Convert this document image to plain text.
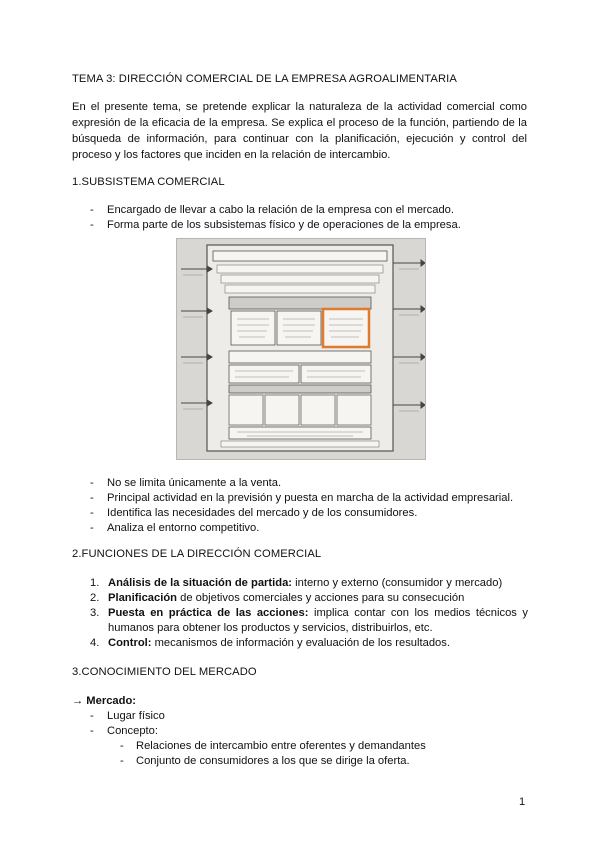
TEMA 3: DIRECCIÓN COMERCIAL DE LA EMPRESA AGROALIMENTARIA
En el presente tema, se pretende explicar la naturaleza de la actividad comercial como expresión de la eficacia de la empresa. Se explica el proceso de la función, partiendo de la búsqueda de información, para continuar con la planificación, ejecución y control del proceso y los factores que inciden en la relación de intercambio.
1.SUBSISTEMA COMERCIAL
- Encargado de llevar a cabo la relación de la empresa con el mercado.
- Forma parte de los subsistemas físico y de operaciones de la empresa.
- No se limita únicamente a la venta.
- Principal actividad en la previsión y puesta en marcha de la actividad empresarial.
- Identifica las necesidades del mercado y de los consumidores.
- Analiza el entorno competitivo.
2.FUNCIONES DE LA DIRECCIÓN COMERCIAL
1. Análisis de la situación de partida: interno y externo (consumidor y mercado)
2. Planificación de objetivos comerciales y acciones para su consecución
3. Puesta en práctica de las acciones: implica contar con los medios técnicos y humanos para obtener los productos y servicios, distribuirlos, etc.
4. Control: mecanismos de información y evaluación de los resultados.
3.CONOCIMIENTO DEL MERCADO
→ Mercado:
- Lugar físico
- Concepto:
- Relaciones de intercambio entre oferentes y demandantes
- Conjunto de consumidores a los que se dirige la oferta.
1
